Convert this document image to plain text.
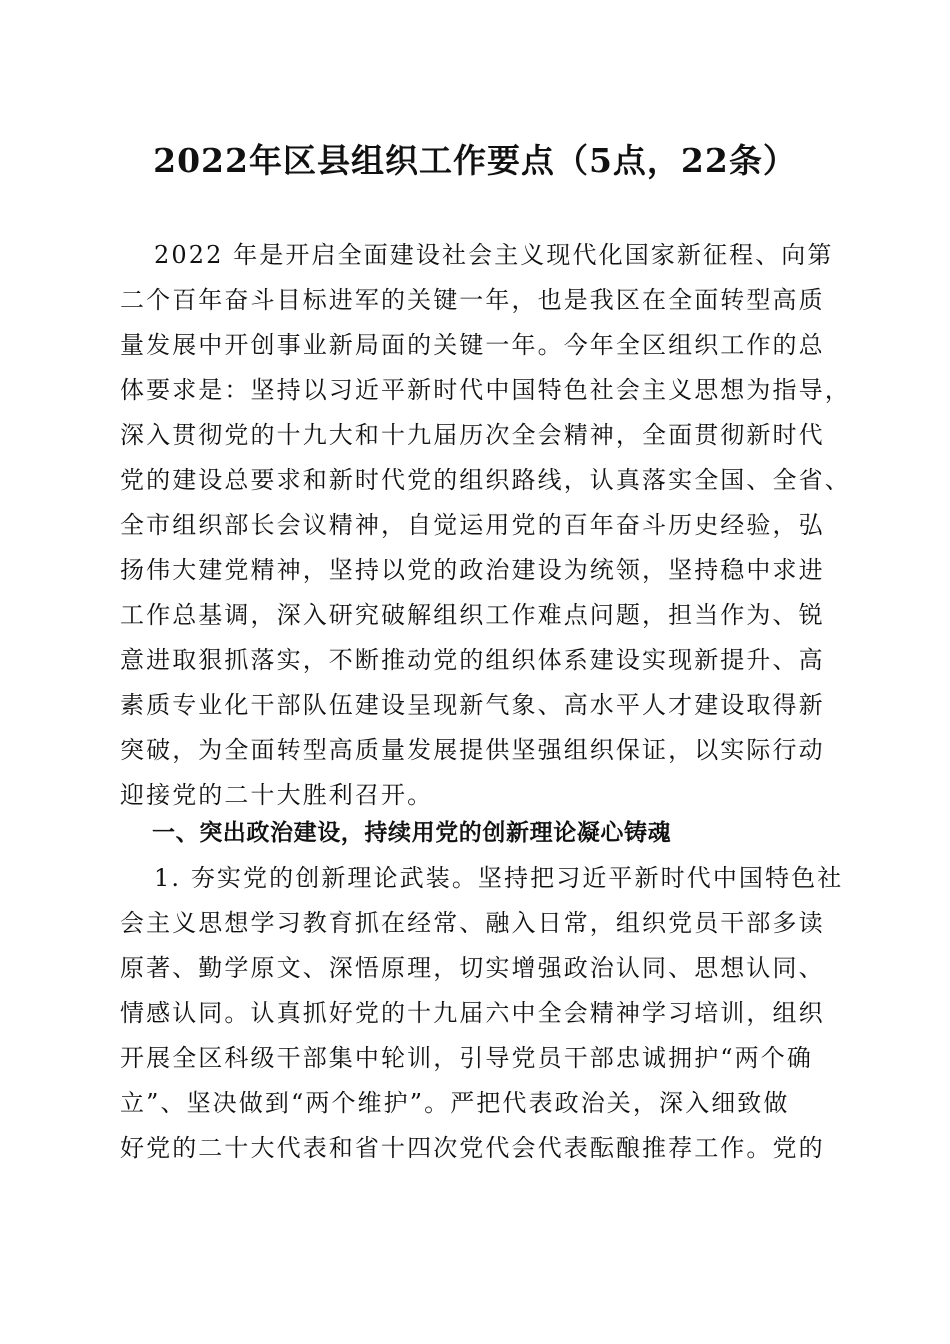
2022年区县组织工作要点（5点，22条）
2022 年是开启全面建设社会主义现代化国家新征程、向第
二个百年奋斗目标进军的关键一年，也是我区在全面转型高质
量发展中开创事业新局面的关键一年。今年全区组织工作的总
体要求是：坚持以习近平新时代中国特色社会主义思想为指导，
深入贯彻党的十九大和十九届历次全会精神，全面贯彻新时代
党的建设总要求和新时代党的组织路线，认真落实全国、全省、
全市组织部长会议精神，自觉运用党的百年奋斗历史经验，弘
扬伟大建党精神，坚持以党的政治建设为统领，坚持稳中求进
工作总基调，深入研究破解组织工作难点问题，担当作为、锐
意进取狠抓落实，不断推动党的组织体系建设实现新提升、高
素质专业化干部队伍建设呈现新气象、高水平人才建设取得新
突破，为全面转型高质量发展提供坚强组织保证，以实际行动
迎接党的二十大胜利召开。
一、突出政治建设，持续用党的创新理论凝心铸魂
1. 夯实党的创新理论武装。坚持把习近平新时代中国特色社
会主义思想学习教育抓在经常、融入日常，组织党员干部多读
原著、勤学原文、深悟原理，切实增强政治认同、思想认同、
情感认同。认真抓好党的十九届六中全会精神学习培训，组织
开展全区科级干部集中轮训，引导党员干部忠诚拥护“两个确
立”、坚决做到“两个维护”。严把代表政治关，深入细致做
好党的二十大代表和省十四次党代会代表酝酿推荐工作。党的
